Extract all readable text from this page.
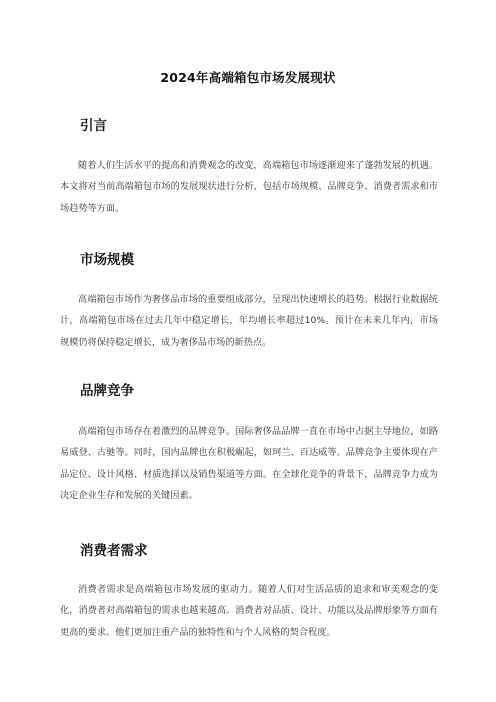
2024年高端箱包市场发展现状
引言

随着人们生活水平的提高和消费观念的改变，高端箱包市场逐渐迎来了蓬勃发展的机遇。本文将对当前高端箱包市场的发展现状进行分析，包括市场规模、品牌竞争、消费者需求和市场趋势等方面。

市场规模

高端箱包市场作为奢侈品市场的重要组成部分，呈现出快速增长的趋势。根据行业数据统计，高端箱包市场在过去几年中稳定增长，年均增长率超过10%。预计在未来几年内，市场规模仍将保持稳定增长，成为奢侈品市场的新热点。

品牌竞争

高端箱包市场存在着激烈的品牌竞争。国际奢侈品品牌一直在市场中占据主导地位，如路易威登、古驰等。同时，国内品牌也在积极崛起，如珂兰、百达威等。品牌竞争主要体现在产品定位、设计风格、材质选择以及销售渠道等方面。在全球化竞争的背景下，品牌竞争力成为决定企业生存和发展的关键因素。

消费者需求

消费者需求是高端箱包市场发展的驱动力。随着人们对生活品质的追求和审美观念的变化，消费者对高端箱包的需求也越来越高。消费者对品质、设计、功能以及品牌形象等方面有更高的要求。他们更加注重产品的独特性和与个人风格的契合程度。
